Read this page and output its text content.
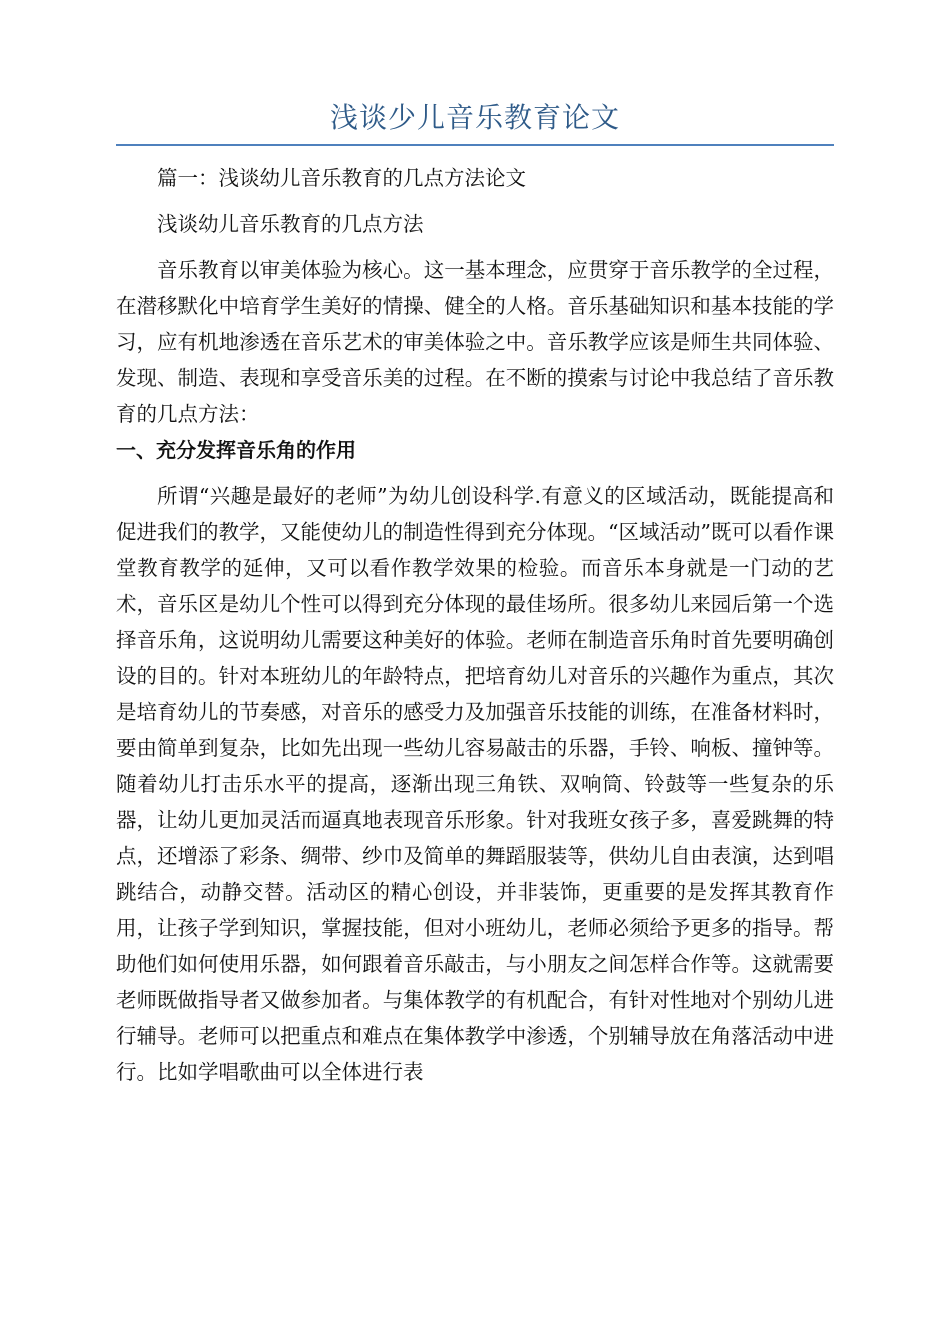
浅谈少儿音乐教育论文

篇一：浅谈幼儿音乐教育的几点方法论文

浅谈幼儿音乐教育的几点方法

音乐教育以审美体验为核心。这一基本理念，应贯穿于音乐教学的全过程，在潜移默化中培育学生美好的情操、健全的人格。音乐基础知识和基本技能的学习，应有机地渗透在音乐艺术的审美体验之中。音乐教学应该是师生共同体验、发现、制造、表现和享受音乐美的过程。在不断的摸索与讨论中我总结了音乐教育的几点方法：

一、充分发挥音乐角的作用

所谓“兴趣是最好的老师”为幼儿创设科学.有意义的区域活动，既能提高和促进我们的教学，又能使幼儿的制造性得到充分体现。“区域活动”既可以看作课堂教育教学的延伸，又可以看作教学效果的检验。而音乐本身就是一门动的艺术，音乐区是幼儿个性可以得到充分体现的最佳场所。很多幼儿来园后第一个选择音乐角，这说明幼儿需要这种美好的体验。老师在制造音乐角时首先要明确创设的目的。针对本班幼儿的年龄特点，把培育幼儿对音乐的兴趣作为重点，其次是培育幼儿的节奏感，对音乐的感受力及加强音乐技能的训练，在准备材料时，要由简单到复杂，比如先出现一些幼儿容易敲击的乐器，手铃、响板、撞钟等。随着幼儿打击乐水平的提高，逐渐出现三角铁、双响筒、铃鼓等一些复杂的乐器，让幼儿更加灵活而逼真地表现音乐形象。针对我班女孩子多，喜爱跳舞的特点，还增添了彩条、绸带、纱巾及简单的舞蹈服装等，供幼儿自由表演，达到唱跳结合，动静交替。活动区的精心创设，并非装饰，更重要的是发挥其教育作用，让孩子学到知识，掌握技能，但对小班幼儿，老师必须给予更多的指导。帮助他们如何使用乐器，如何跟着音乐敲击，与小朋友之间怎样合作等。这就需要老师既做指导者又做参加者。与集体教学的有机配合，有针对性地对个别幼儿进行辅导。老师可以把重点和难点在集体教学中渗透，个别辅导放在角落活动中进行。比如学唱歌曲可以全体进行表
